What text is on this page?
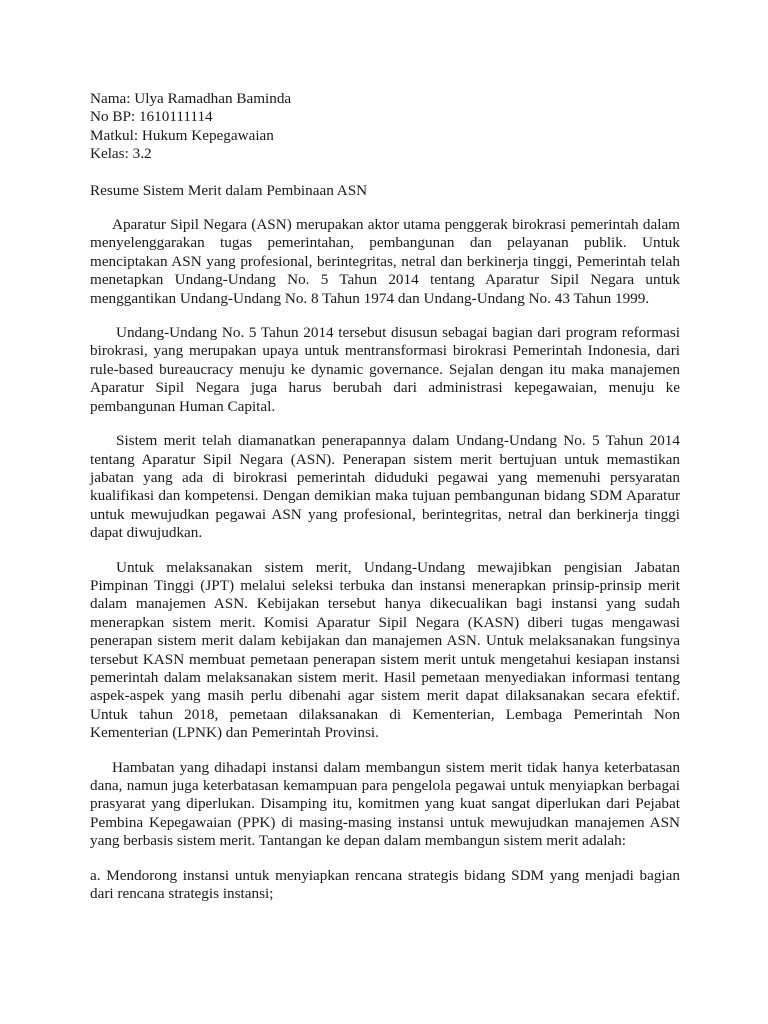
Nama: Ulya Ramadhan Baminda

No BP: 1610111114

Matkul: Hukum Kepegawaian

Kelas: 3.2

Resume Sistem Merit dalam Pembinaan ASN

Aparatur Sipil Negara (ASN) merupakan aktor utama penggerak birokrasi pemerintah dalam menyelenggarakan tugas pemerintahan, pembangunan dan pelayanan publik. Untuk menciptakan ASN yang profesional, berintegritas, netral dan berkinerja tinggi, Pemerintah telah menetapkan Undang-Undang No. 5 Tahun 2014 tentang Aparatur Sipil Negara untuk menggantikan Undang-Undang No. 8 Tahun 1974 dan Undang-Undang No. 43 Tahun 1999.

Undang-Undang No. 5 Tahun 2014 tersebut disusun sebagai bagian dari program reformasi birokrasi, yang merupakan upaya untuk mentransformasi birokrasi Pemerintah Indonesia, dari rule-based bureaucracy menuju ke dynamic governance. Sejalan dengan itu maka manajemen Aparatur Sipil Negara juga harus berubah dari administrasi kepegawaian, menuju ke pembangunan Human Capital.

Sistem merit telah diamanatkan penerapannya dalam Undang-Undang No. 5 Tahun 2014 tentang Aparatur Sipil Negara (ASN). Penerapan sistem merit bertujuan untuk memastikan jabatan yang ada di birokrasi pemerintah diduduki pegawai yang memenuhi persyaratan kualifikasi dan kompetensi. Dengan demikian maka tujuan pembangunan bidang SDM Aparatur untuk mewujudkan pegawai ASN yang profesional, berintegritas, netral dan berkinerja tinggi dapat diwujudkan.

Untuk melaksanakan sistem merit, Undang-Undang mewajibkan pengisian Jabatan Pimpinan Tinggi (JPT) melalui seleksi terbuka dan instansi menerapkan prinsip-prinsip merit dalam manajemen ASN. Kebijakan tersebut hanya dikecualikan bagi instansi yang sudah menerapkan sistem merit. Komisi Aparatur Sipil Negara (KASN) diberi tugas mengawasi penerapan sistem merit dalam kebijakan dan manajemen ASN. Untuk melaksanakan fungsinya tersebut KASN membuat pemetaan penerapan sistem merit untuk mengetahui kesiapan instansi pemerintah dalam melaksanakan sistem merit. Hasil pemetaan menyediakan informasi tentang aspek-aspek yang masih perlu dibenahi agar sistem merit dapat dilaksanakan secara efektif. Untuk tahun 2018, pemetaan dilaksanakan di Kementerian, Lembaga Pemerintah Non Kementerian (LPNK) dan Pemerintah Provinsi.

Hambatan yang dihadapi instansi dalam membangun sistem merit tidak hanya keterbatasan dana, namun juga keterbatasan kemampuan para pengelola pegawai untuk menyiapkan berbagai prasyarat yang diperlukan. Disamping itu, komitmen yang kuat sangat diperlukan dari Pejabat Pembina Kepegawaian (PPK) di masing-masing instansi untuk mewujudkan manajemen ASN yang berbasis sistem merit. Tantangan ke depan dalam membangun sistem merit adalah:

a. Mendorong instansi untuk menyiapkan rencana strategis bidang SDM yang menjadi bagian dari rencana strategis instansi;
